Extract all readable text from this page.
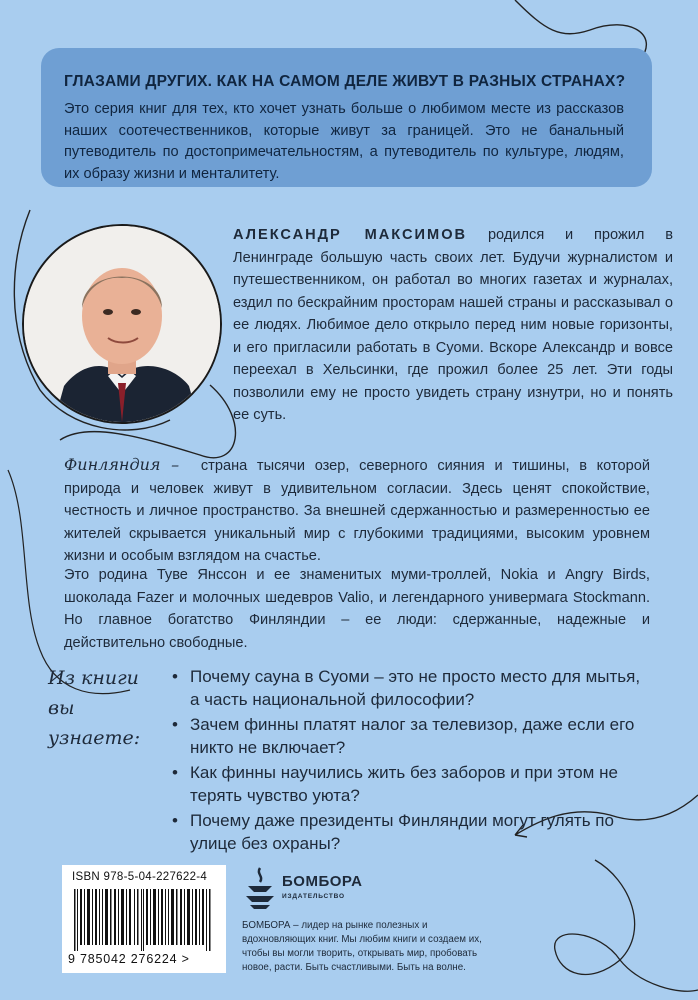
ГЛАЗАМИ ДРУГИХ. КАК НА САМОМ ДЕЛЕ ЖИВУТ В РАЗНЫХ СТРАНАХ?
Это серия книг для тех, кто хочет узнать больше о любимом месте из рассказов наших соотечественников, которые живут за границей. Это не банальный путеводитель по достопримечательностям, а путеводитель по культуре, людям, их образу жизни и менталитету.
АЛЕКСАНДР МАКСИМОВ родился и прожил в Ленинграде большую часть своих лет. Будучи журналистом и путешественником, он работал во многих газетах и журналах, ездил по бескрайним просторам нашей страны и рассказывал о ее людях. Любимое дело открыло перед ним новые горизонты, и его пригласили работать в Суоми. Вскоре Александр и вовсе переехал в Хельсинки, где прожил более 25 лет. Эти годы позволили ему не просто увидеть страну изнутри, но и понять ее суть.
Финляндия – страна тысячи озер, северного сияния и тишины, в которой природа и человек живут в удивительном согласии. Здесь ценят спокойствие, честность и личное пространство. За внешней сдержанностью и размеренностью ее жителей скрывается уникальный мир с глубокими традициями, высоким уровнем жизни и особым взглядом на счастье.
Это родина Туве Янссон и ее знаменитых муми-троллей, Nokia и Angry Birds, шоколада Fazer и молочных шедевров Valio, и легендарного универмага Stockmann. Но главное богатство Финляндии – ее люди: сдержанные, надежные и действительно свободные.
Из книги
вы узнаете:
• Почему сауна в Суоми – это не просто место для мытья, а часть национальной философии?
• Зачем финны платят налог за телевизор, даже если его никто не включает?
• Как финны научились жить без заборов и при этом не терять чувство уюта?
• Почему даже президенты Финляндии могут гулять по улице без охраны?
ISBN 978-5-04-227622-4
9 785042 276224 >
БОМБОРА
ИЗДАТЕЛЬСТВО
БОМБОРА – лидер на рынке полезных и вдохновляющих книг. Мы любим книги и создаем их, чтобы вы могли творить, открывать мир, пробовать новое, расти. Быть счастливыми. Быть на волне.
